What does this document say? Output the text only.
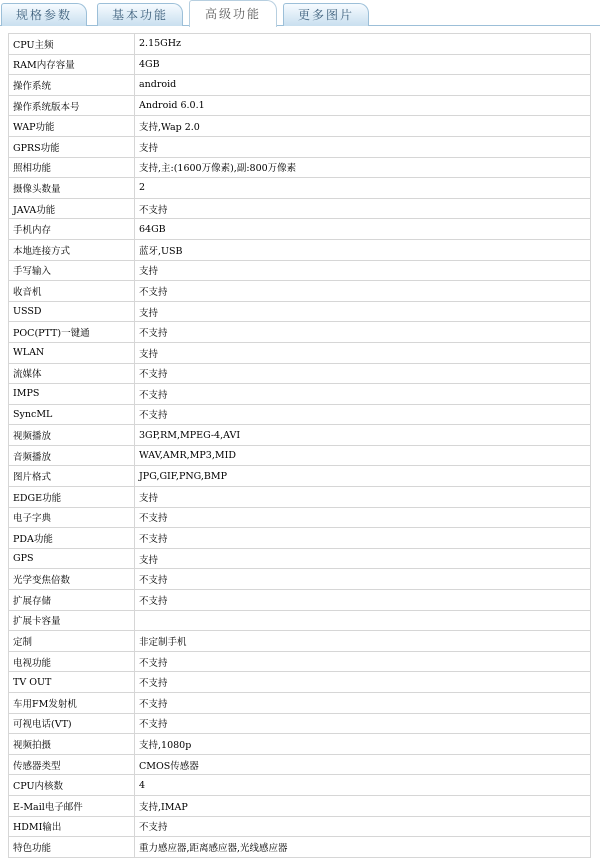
规格参数	基本功能	高级功能	更多图片
CPU主频	2.15GHz
RAM内存容量	4GB
操作系统	android
操作系统版本号	Android 6.0.1
WAP功能	支持,Wap 2.0
GPRS功能	支持
照相功能	支持,主:(1600万像素),副:800万像素
摄像头数量	2
JAVA功能	不支持
手机内存	64GB
本地连接方式	蓝牙,USB
手写输入	支持
收音机	不支持
USSD	支持
POC(PTT)一键通	不支持
WLAN	支持
流媒体	不支持
IMPS	不支持
SyncML	不支持
视频播放	3GP,RM,MPEG-4,AVI
音频播放	WAV,AMR,MP3,MID
图片格式	JPG,GIF,PNG,BMP
EDGE功能	支持
电子字典	不支持
PDA功能	不支持
GPS	支持
光学变焦倍数	不支持
扩展存储	不支持
扩展卡容量	
定制	非定制手机
电视功能	不支持
TV OUT	不支持
车用FM发射机	不支持
可视电话(VT)	不支持
视频拍摄	支持,1080p
传感器类型	CMOS传感器
CPU内核数	4
E-Mail电子邮件	支持,IMAP
HDMI输出	不支持
特色功能	重力感应器,距离感应器,光线感应器
